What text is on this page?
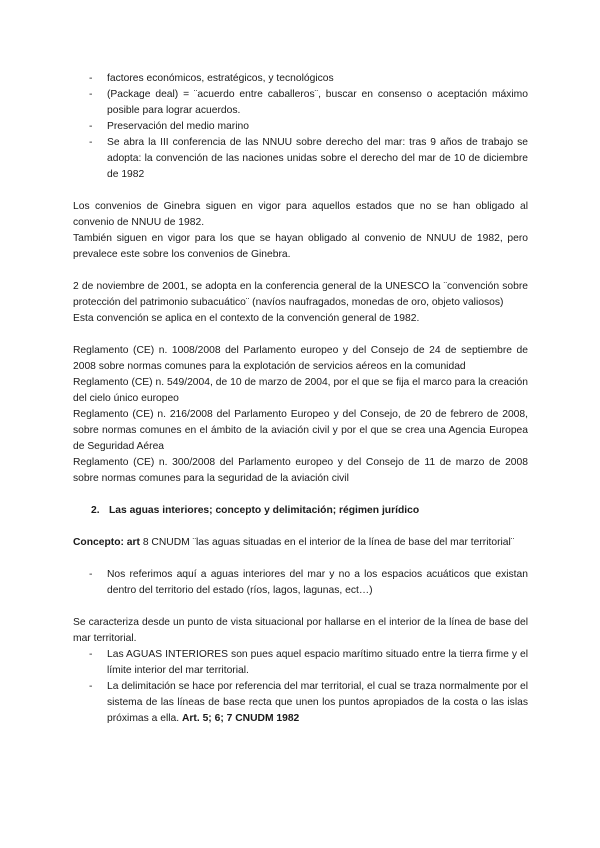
- factores económicos, estratégicos, y tecnológicos
- (Package deal) = ¨acuerdo entre caballeros¨, buscar en consenso o aceptación máximo posible para lograr acuerdos.
- Preservación del medio marino
- Se abra la III conferencia de las NNUU sobre derecho del mar: tras 9 años de trabajo se adopta: la convención de las naciones unidas sobre el derecho del mar de 10 de diciembre de 1982

Los convenios de Ginebra siguen en vigor para aquellos estados que no se han obligado al convenio de NNUU de 1982.

También siguen en vigor para los que se hayan obligado al convenio de NNUU de 1982, pero prevalece este sobre los convenios de Ginebra.

2 de noviembre de 2001, se adopta en la conferencia general de la UNESCO la ¨convención sobre protección del patrimonio subacuático¨ (navíos naufragados, monedas de oro, objeto valiosos)

Esta convención se aplica en el contexto de la convención general de 1982.

Reglamento (CE) n. 1008/2008 del Parlamento europeo y del Consejo de 24 de septiembre de 2008 sobre normas comunes para la explotación de servicios aéreos en la comunidad

Reglamento (CE) n. 549/2004, de 10 de marzo de 2004, por el que se fija el marco para la creación del cielo único europeo

Reglamento (CE) n. 216/2008 del Parlamento Europeo y del Consejo, de 20 de febrero de 2008, sobre normas comunes en el ámbito de la aviación civil y por el que se crea una Agencia Europea de Seguridad Aérea

Reglamento (CE) n. 300/2008 del Parlamento europeo y del Consejo de 11 de marzo de 2008 sobre normas comunes para la seguridad de la aviación civil

2. Las aguas interiores; concepto y delimitación; régimen jurídico

Concepto: art 8 CNUDM ¨las aguas situadas en el interior de la línea de base del mar territorial¨

- Nos referimos aquí a aguas interiores del mar y no a los espacios acuáticos que existan dentro del territorio del estado (ríos, lagos, lagunas, ect…)

Se caracteriza desde un punto de vista situacional por hallarse en el interior de la línea de base del mar territorial.

- Las AGUAS INTERIORES son pues aquel espacio marítimo situado entre la tierra firme y el límite interior del mar territorial.
- La delimitación se hace por referencia del mar territorial, el cual se traza normalmente por el sistema de las líneas de base recta que unen los puntos apropiados de la costa o las islas próximas a ella. Art. 5; 6; 7 CNUDM 1982
